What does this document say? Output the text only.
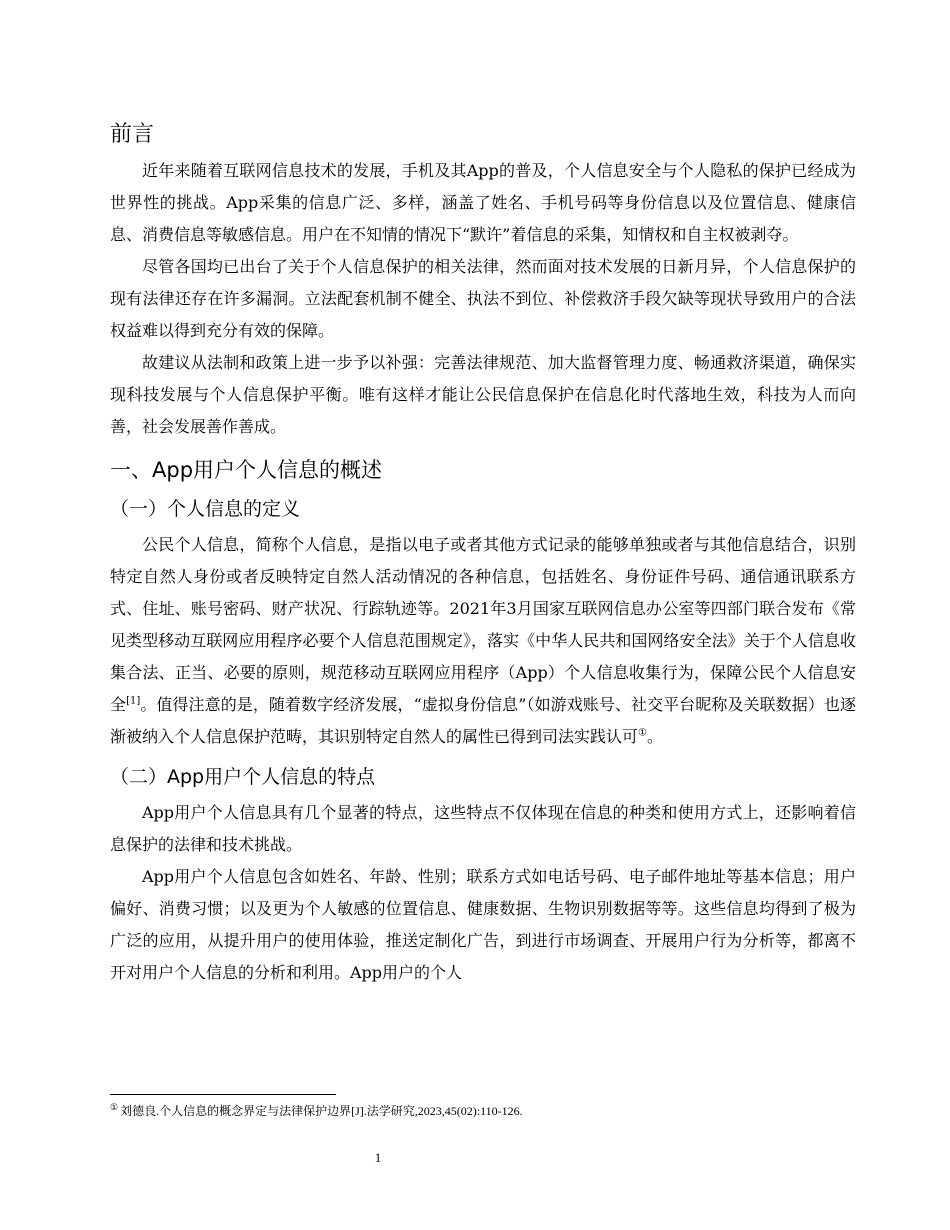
前言

近年来随着互联网信息技术的发展，手机及其App的普及，个人信息安全与个人隐私的保护已经成为世界性的挑战。App采集的信息广泛、多样，涵盖了姓名、手机号码等身份信息以及位置信息、健康信息、消费信息等敏感信息。用户在不知情的情况下“默许”着信息的采集，知情权和自主权被剥夺。

尽管各国均已出台了关于个人信息保护的相关法律，然而面对技术发展的日新月异，个人信息保护的现有法律还存在许多漏洞。立法配套机制不健全、执法不到位、补偿救济手段欠缺等现状导致用户的合法权益难以得到充分有效的保障。

故建议从法制和政策上进一步予以补强：完善法律规范、加大监督管理力度、畅通救济渠道，确保实现科技发展与个人信息保护平衡。唯有这样才能让公民信息保护在信息化时代落地生效，科技为人而向善，社会发展善作善成。

一、App用户个人信息的概述
（一）个人信息的定义

公民个人信息，简称个人信息，是指以电子或者其他方式记录的能够单独或者与其他信息结合，识别特定自然人身份或者反映特定自然人活动情况的各种信息，包括姓名、身份证件号码、通信通讯联系方式、住址、账号密码、财产状况、行踪轨迹等。2021年3月国家互联网信息办公室等四部门联合发布《常见类型移动互联网应用程序必要个人信息范围规定》，落实《中华人民共和国网络安全法》关于个人信息收集合法、正当、必要的原则，规范移动互联网应用程序（App）个人信息收集行为，保障公民个人信息安全[1]。值得注意的是，随着数字经济发展，“虚拟身份信息”（如游戏账号、社交平台昵称及关联数据）也逐渐被纳入个人信息保护范畴，其识别特定自然人的属性已得到司法实践认可①。

（二）App用户个人信息的特点

App用户个人信息具有几个显著的特点，这些特点不仅体现在信息的种类和使用方式上，还影响着信息保护的法律和技术挑战。

App用户个人信息包含如姓名、年龄、性别；联系方式如电话号码、电子邮件地址等基本信息；用户偏好、消费习惯；以及更为个人敏感的位置信息、健康数据、生物识别数据等等。这些信息均得到了极为广泛的应用，从提升用户的使用体验，推送定制化广告，到进行市场调查、开展用户行为分析等，都离不开对用户个人信息的分析和利用。App用户的个人

① 刘德良.个人信息的概念界定与法律保护边界[J].法学研究,2023,45(02):110-126.
1
